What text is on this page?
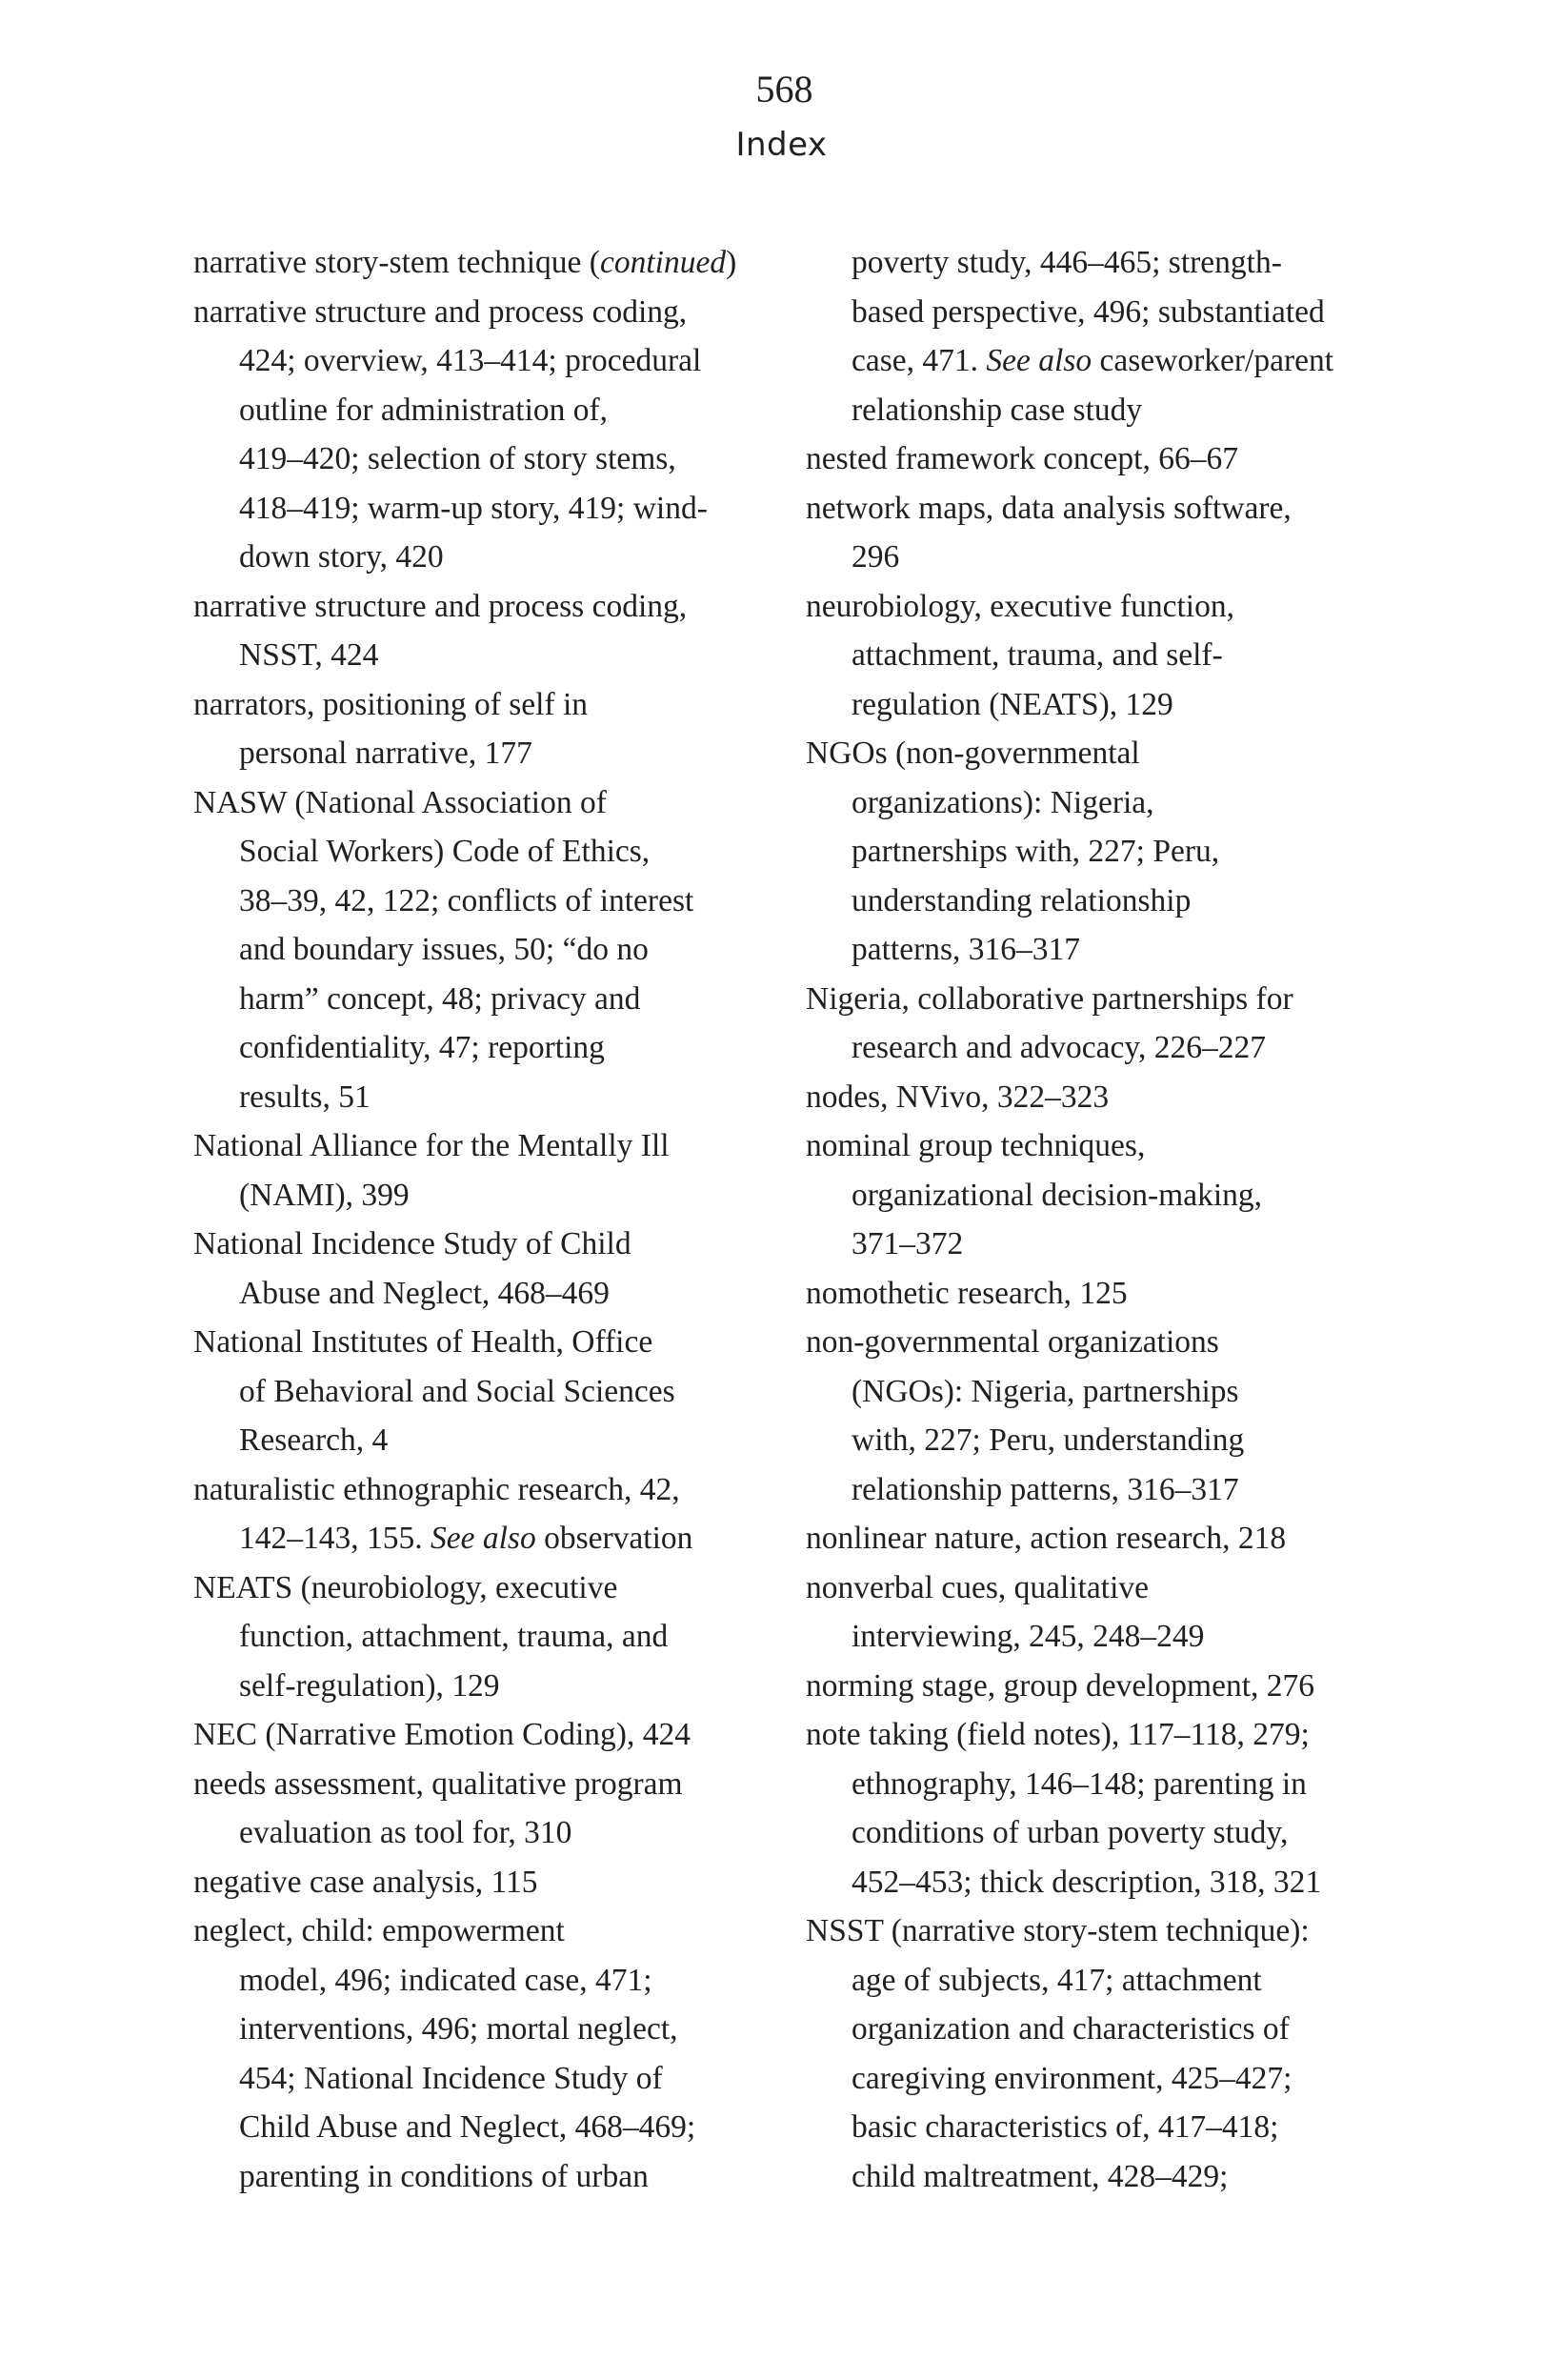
568
Index
narrative story-stem technique (continued)
narrative structure and process coding,
424; overview, 413–414; procedural
outline for administration of,
419–420; selection of story stems,
418–419; warm-up story, 419; wind-
down story, 420
narrative structure and process coding,
NSST, 424
narrators, positioning of self in
personal narrative, 177
NASW (National Association of
Social Workers) Code of Ethics,
38–39, 42, 122; conflicts of interest
and boundary issues, 50; “do no
harm” concept, 48; privacy and
confidentiality, 47; reporting
results, 51
National Alliance for the Mentally Ill
(NAMI), 399
National Incidence Study of Child
Abuse and Neglect, 468–469
National Institutes of Health, Office
of Behavioral and Social Sciences
Research, 4
naturalistic ethnographic research, 42,
142–143, 155. See also observation
NEATS (neurobiology, executive
function, attachment, trauma, and
self-regulation), 129
NEC (Narrative Emotion Coding), 424
needs assessment, qualitative program
evaluation as tool for, 310
negative case analysis, 115
neglect, child: empowerment
model, 496; indicated case, 471;
interventions, 496; mortal neglect,
454; National Incidence Study of
Child Abuse and Neglect, 468–469;
parenting in conditions of urban
poverty study, 446–465; strength-
based perspective, 496; substantiated
case, 471. See also caseworker/parent
relationship case study
nested framework concept, 66–67
network maps, data analysis software,
296
neurobiology, executive function,
attachment, trauma, and self-
regulation (NEATS), 129
NGOs (non-governmental
organizations): Nigeria,
partnerships with, 227; Peru,
understanding relationship
patterns, 316–317
Nigeria, collaborative partnerships for
research and advocacy, 226–227
nodes, NVivo, 322–323
nominal group techniques,
organizational decision-making,
371–372
nomothetic research, 125
non-governmental organizations
(NGOs): Nigeria, partnerships
with, 227; Peru, understanding
relationship patterns, 316–317
nonlinear nature, action research, 218
nonverbal cues, qualitative
interviewing, 245, 248–249
norming stage, group development, 276
note taking (field notes), 117–118, 279;
ethnography, 146–148; parenting in
conditions of urban poverty study,
452–453; thick description, 318, 321
NSST (narrative story-stem technique):
age of subjects, 417; attachment
organization and characteristics of
caregiving environment, 425–427;
basic characteristics of, 417–418;
child maltreatment, 428–429;
